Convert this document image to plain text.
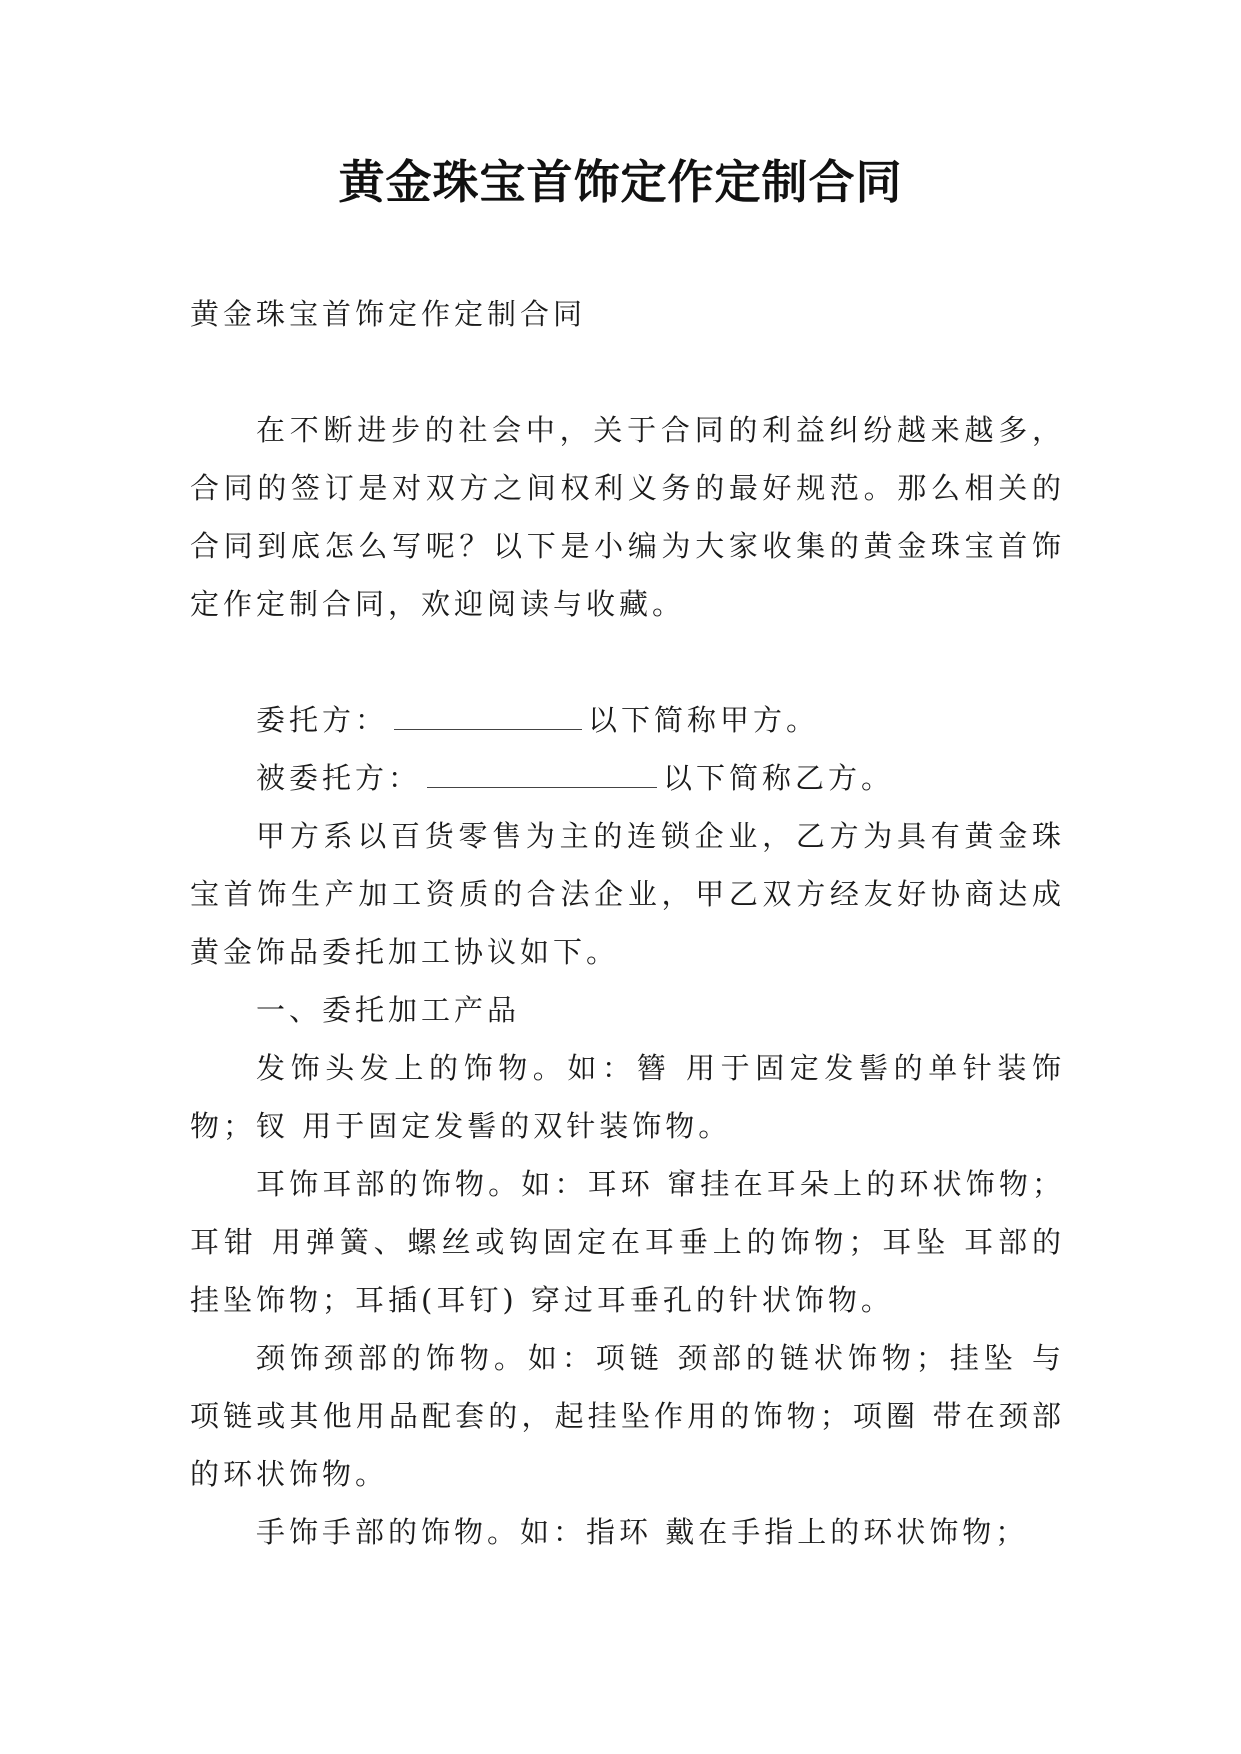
黄金珠宝首饰定作定制合同

黄金珠宝首饰定作定制合同

在不断进步的社会中，关于合同的利益纠纷越来越多，合同的签订是对双方之间权利义务的最好规范。那么相关的合同到底怎么写呢？以下是小编为大家收集的黄金珠宝首饰定作定制合同，欢迎阅读与收藏。

委托方：	以下简称甲方。

被委托方：	以下简称乙方。

甲方系以百货零售为主的连锁企业，乙方为具有黄金珠宝首饰生产加工资质的合法企业，甲乙双方经友好协商达成黄金饰品委托加工协议如下。

一、委托加工产品

发饰头发上的饰物。如：簪 用于固定发髻的单针装饰物；钗 用于固定发髻的双针装饰物。

耳饰耳部的饰物。如：耳环 窜挂在耳朵上的环状饰物；耳钳 用弹簧、螺丝或钩固定在耳垂上的饰物；耳坠 耳部的挂坠饰物；耳插(耳钉) 穿过耳垂孔的针状饰物。

颈饰颈部的饰物。如：项链 颈部的链状饰物；挂坠 与项链或其他用品配套的，起挂坠作用的饰物；项圈 带在颈部的环状饰物。

手饰手部的饰物。如：指环 戴在手指上的环状饰物；
